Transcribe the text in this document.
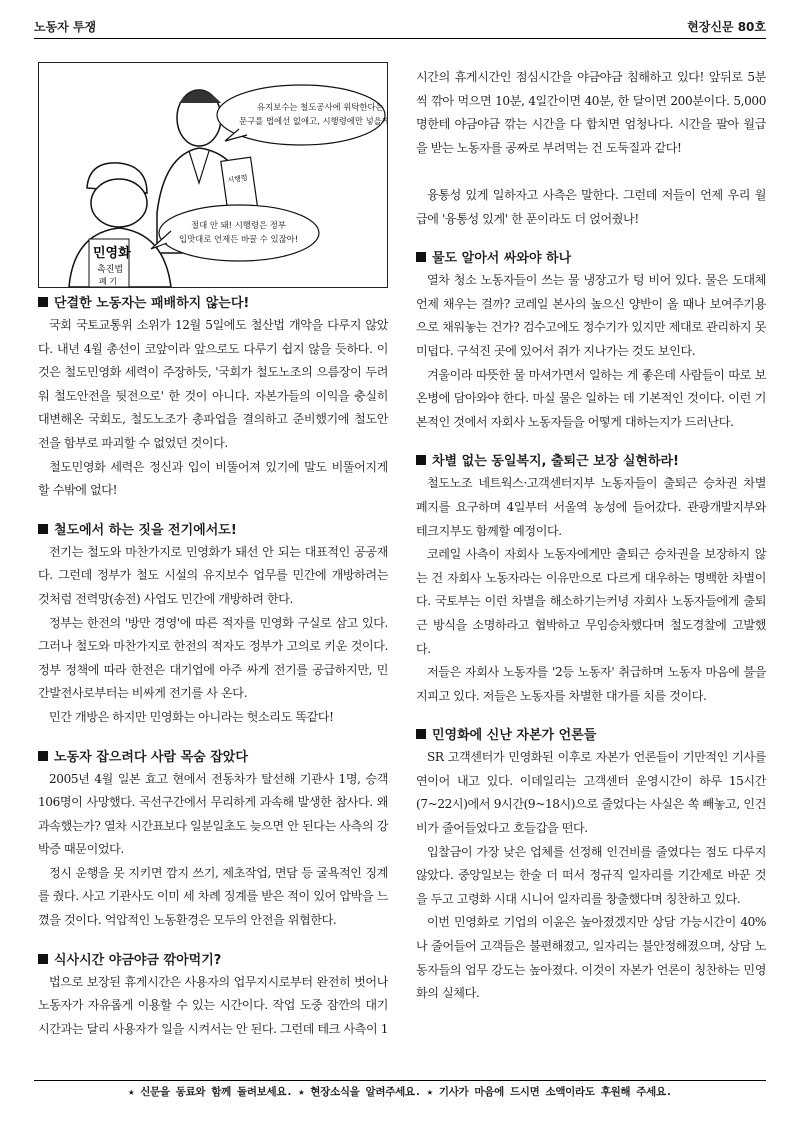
노동자 투쟁	현장신문 80호
시행령
유지보수는 철도공사에 위탁한다는
문구를 법에선 없애고, 시행령에만 넣을게요
민영화
촉진법
폐 기
절대 안 돼! 시행령은 정부
입맛대로 언제든 바꿀 수 있잖아!
단결한 노동자는 패배하지 않는다!

국회 국토교통위 소위가 12월 5일에도 철산법 개악을 다루지 않았다. 내년 4월 총선이 코앞이라 앞으로도 다루기 쉽지 않을 듯하다. 이것은 철도민영화 세력이 주장하듯, '국회가 철도노조의 으름장이 두려워 철도안전을 뒷전으로' 한 것이 아니다. 자본가들의 이익을 충실히 대변해온 국회도, 철도노조가 총파업을 결의하고 준비했기에 철도안전을 함부로 파괴할 수 없었던 것이다.

철도민영화 세력은 정신과 입이 비뚤어져 있기에 말도 비뚤어지게 할 수밖에 없다!

철도에서 하는 짓을 전기에서도!

전기는 철도와 마찬가지로 민영화가 돼선 안 되는 대표적인 공공재다. 그런데 정부가 철도 시설의 유지보수 업무를 민간에 개방하려는 것처럼 전력망(송전) 사업도 민간에 개방하려 한다.

정부는 한전의 '방만 경영'에 따른 적자를 민영화 구실로 삼고 있다. 그러나 철도와 마찬가지로 한전의 적자도 정부가 고의로 키운 것이다. 정부 정책에 따라 한전은 대기업에 아주 싸게 전기를 공급하지만, 민간발전사로부터는 비싸게 전기를 사 온다.

민간 개방은 하지만 민영화는 아니라는 헛소리도 똑같다!

노동자 잡으려다 사람 목숨 잡았다

2005년 4월 일본 효고 현에서 전동차가 탈선해 기관사 1명, 승객 106명이 사망했다. 곡선구간에서 무리하게 과속해 발생한 참사다. 왜 과속했는가? 열차 시간표보다 일분일초도 늦으면 안 된다는 사측의 강박증 때문이었다.

정시 운행을 못 지키면 깜지 쓰기, 제초작업, 면담 등 굴욕적인 징계를 줬다. 사고 기관사도 이미 세 차례 징계를 받은 적이 있어 압박을 느꼈을 것이다. 억압적인 노동환경은 모두의 안전을 위협한다.

식사시간 야금야금 깎아먹기?

법으로 보장된 휴게시간은 사용자의 업무지시로부터 완전히 벗어나 노동자가 자유롭게 이용할 수 있는 시간이다. 작업 도중 잠깐의 대기시간과는 달리 사용자가 일을 시켜서는 안 된다. 그런데 테크 사측이 1

시간의 휴게시간인 점심시간을 야금야금 침해하고 있다! 앞뒤로 5분씩 깎아 먹으면 10분, 4일간이면 40분, 한 달이면 200분이다. 5,000명한테 야금야금 깎는 시간을 다 합치면 엄청나다. 시간을 팔아 월급을 받는 노동자를 공짜로 부려먹는 건 도둑질과 같다!

융통성 있게 일하자고 사측은 말한다. 그런데 저들이 언제 우리 월급에 '융통성 있게' 한 푼이라도 더 얹어줬나!

물도 알아서 싸와야 하나

열차 청소 노동자들이 쓰는 물 냉장고가 텅 비어 있다. 물은 도대체 언제 채우는 걸까? 코레일 본사의 높으신 양반이 올 때나 보여주기용으로 채워놓는 건가? 검수고에도 정수기가 있지만 제대로 관리하지 못 미덥다. 구석진 곳에 있어서 쥐가 지나가는 것도 보인다.

겨울이라 따뜻한 물 마셔가면서 일하는 게 좋은데 사람들이 따로 보온병에 담아와야 한다. 마실 물은 일하는 데 기본적인 것이다. 이런 기본적인 것에서 자회사 노동자들을 어떻게 대하는지가 드러난다.

차별 없는 동일복지, 출퇴근 보장 실현하라!

철도노조 네트웍스·고객센터지부 노동자들이 출퇴근 승차권 차별 폐지를 요구하며 4일부터 서울역 농성에 들어갔다. 관광개발지부와 테크지부도 함께할 예정이다.

코레일 사측이 자회사 노동자에게만 출퇴근 승차권을 보장하지 않는 건 자회사 노동자라는 이유만으로 다르게 대우하는 명백한 차별이다. 국토부는 이런 차별을 해소하기는커녕 자회사 노동자들에게 출퇴근 방식을 소명하라고 협박하고 무임승차했다며 철도경찰에 고발했다.

저들은 자회사 노동자를 '2등 노동자' 취급하며 노동자 마음에 불을 지피고 있다. 저들은 노동자를 차별한 대가를 치를 것이다.

민영화에 신난 자본가 언론들

SR 고객센터가 민영화된 이후로 자본가 언론들이 기만적인 기사를 연이어 내고 있다. 이데일리는 고객센터 운영시간이 하루 15시간(7~22시)에서 9시간(9~18시)으로 줄었다는 사실은 쏙 빼놓고, 인건비가 줄어들었다고 호들갑을 떤다.

입찰금이 가장 낮은 업체를 선정해 인건비를 줄였다는 점도 다루지 않았다. 중앙일보는 한술 더 떠서 정규직 일자리를 기간제로 바꾼 것을 두고 고령화 시대 시니어 일자리를 창출했다며 칭찬하고 있다.

이번 민영화로 기업의 이윤은 높아졌겠지만 상담 가능시간이 40%나 줄어들어 고객들은 불편해졌고, 일자리는 불안정해졌으며, 상담 노동자들의 업무 강도는 높아졌다. 이것이 자본가 언론이 칭찬하는 민영화의 실체다.

★ 신문을 동료와 함께 돌려보세요. ★ 현장소식을 알려주세요. ★ 기사가 마음에 드시면 소액이라도 후원해 주세요.
